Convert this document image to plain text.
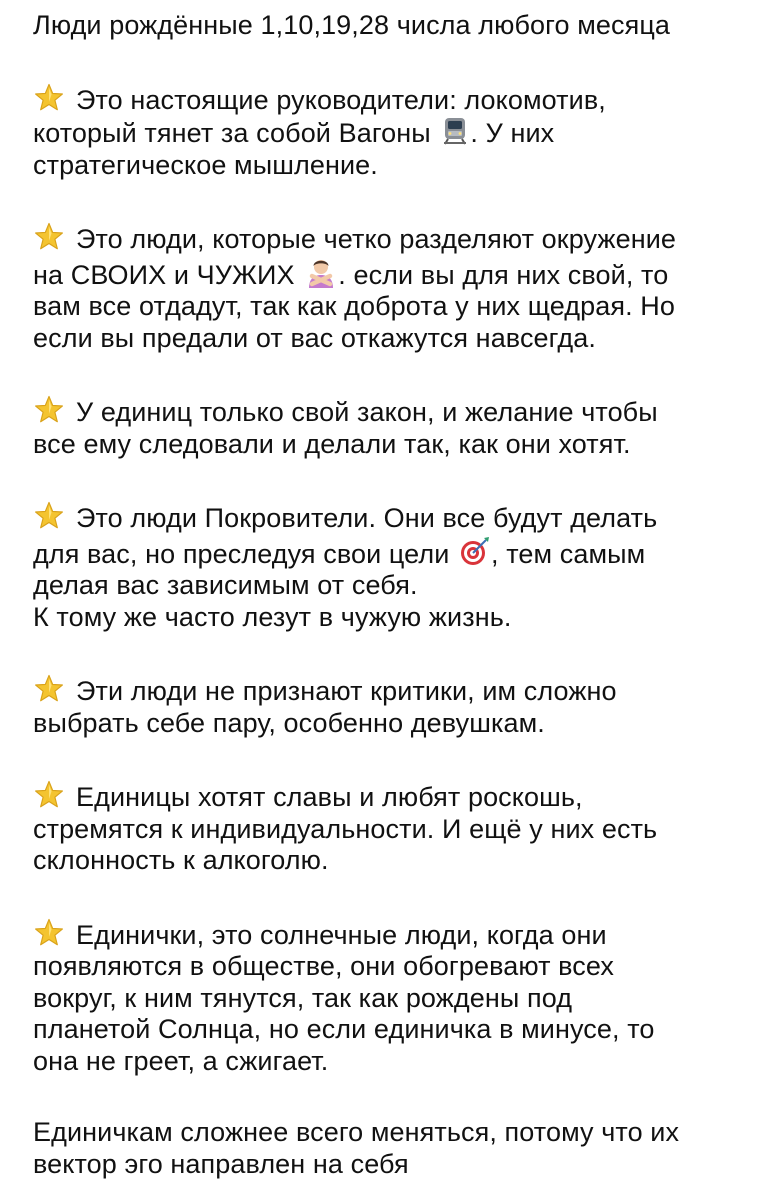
Люди рождённые 1,10,19,28 числа любого месяца
Это настоящие руководители: локомотив,
который тянет за собой Вагоны . У них
стратегическое мышление.
Это люди, которые четко разделяют окружение
на СВОИХ и ЧУЖИХ . если вы для них свой, то
вам все отдадут, так как доброта у них щедрая. Но
если вы предали от вас откажутся навсегда.
У единиц только свой закон, и желание чтобы
все ему следовали и делали так, как они хотят.
Это люди Покровители. Они все будут делать
для вас, но преследуя свои цели , тем самым
делая вас зависимым от себя.
К тому же часто лезут в чужую жизнь.
Эти люди не признают критики, им сложно
выбрать себе пару, особенно девушкам.
Единицы хотят славы и любят роскошь,
стремятся к индивидуальности. И ещё у них есть
склонность к алкоголю.
Единички, это солнечные люди, когда они
появляются в обществе, они обогревают всех
вокруг, к ним тянутся, так как рождены под
планетой Солнца, но если единичка в минусе, то
она не греет, а сжигает.
Единичкам сложнее всего меняться, потому что их
вектор эго направлен на себя
